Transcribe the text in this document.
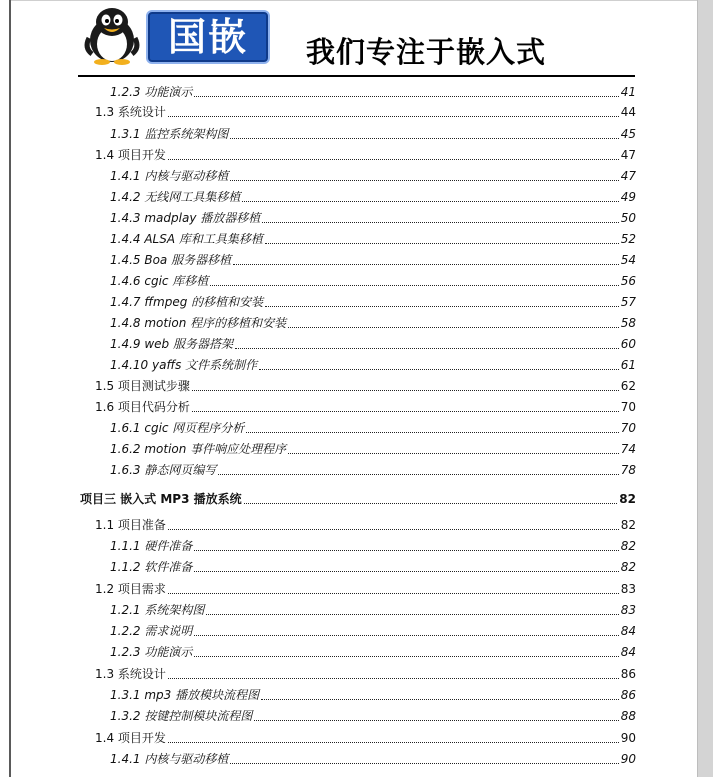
国嵌	我们专注于嵌入式
1.2.3 功能演示	41
1.3 系统设计	44
1.3.1 监控系统架构图	45
1.4 项目开发	47
1.4.1 内核与驱动移植	47
1.4.2 无线网工具集移植	49
1.4.3 madplay 播放器移植	50
1.4.4 ALSA 库和工具集移植	52
1.4.5 Boa 服务器移植	54
1.4.6 cgic 库移植	56
1.4.7 ffmpeg 的移植和安装	57
1.4.8 motion 程序的移植和安装	58
1.4.9 web 服务器搭架	60
1.4.10 yaffs 文件系统制作	61
1.5 项目测试步骤	62
1.6 项目代码分析	70
1.6.1 cgic 网页程序分析	70
1.6.2 motion 事件响应处理程序	74
1.6.3 静态网页编写	78
项目三 嵌入式 MP3 播放系统	82
1.1 项目准备	82
1.1.1 硬件准备	82
1.1.2 软件准备	82
1.2 项目需求	83
1.2.1 系统架构图	83
1.2.2 需求说明	84
1.2.3 功能演示	84
1.3 系统设计	86
1.3.1 mp3 播放模块流程图	86
1.3.2 按键控制模块流程图	88
1.4 项目开发	90
1.4.1 内核与驱动移植	90
